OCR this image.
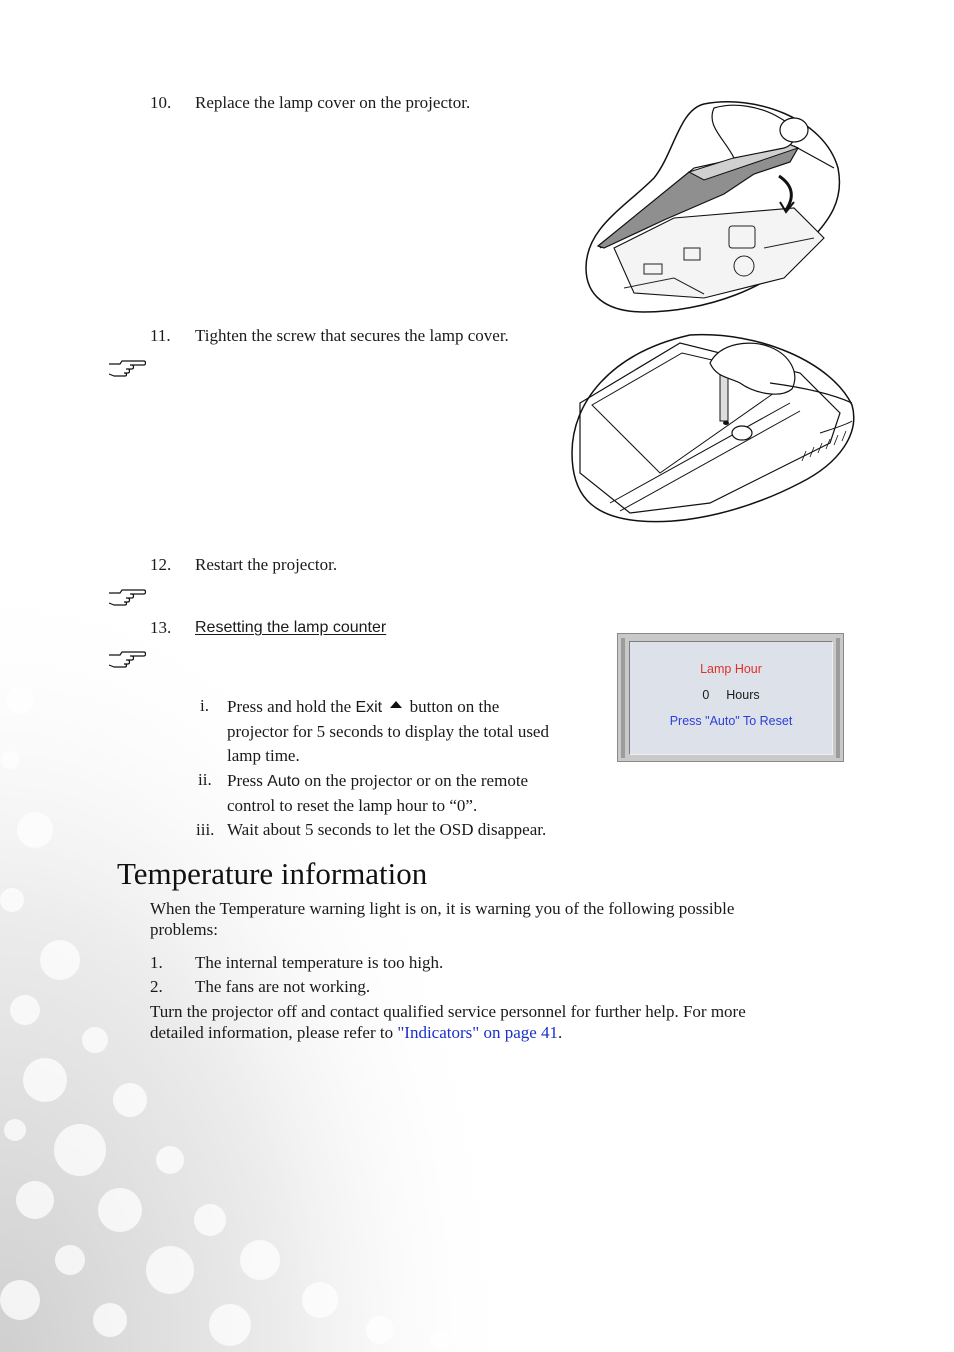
10. Replace the lamp cover on the projector.
11. Tighten the screw that secures the lamp cover.
12. Restart the projector.
13. Resetting the lamp counter
Lamp Hour
0 Hours
Press "Auto" To Reset
i. Press and hold the Exit  button on the
projector for 5 seconds to display the total used
lamp time.
ii. Press Auto on the projector or on the remote
control to reset the lamp hour to “0”.
iii. Wait about 5 seconds to let the OSD disappear.
Temperature information
When the Temperature warning light is on, it is warning you of the following possible
problems:
1. The internal temperature is too high.
2. The fans are not working.
Turn the projector off and contact qualified service personnel for further help. For more
detailed information, please refer to "Indicators" on page 41.
